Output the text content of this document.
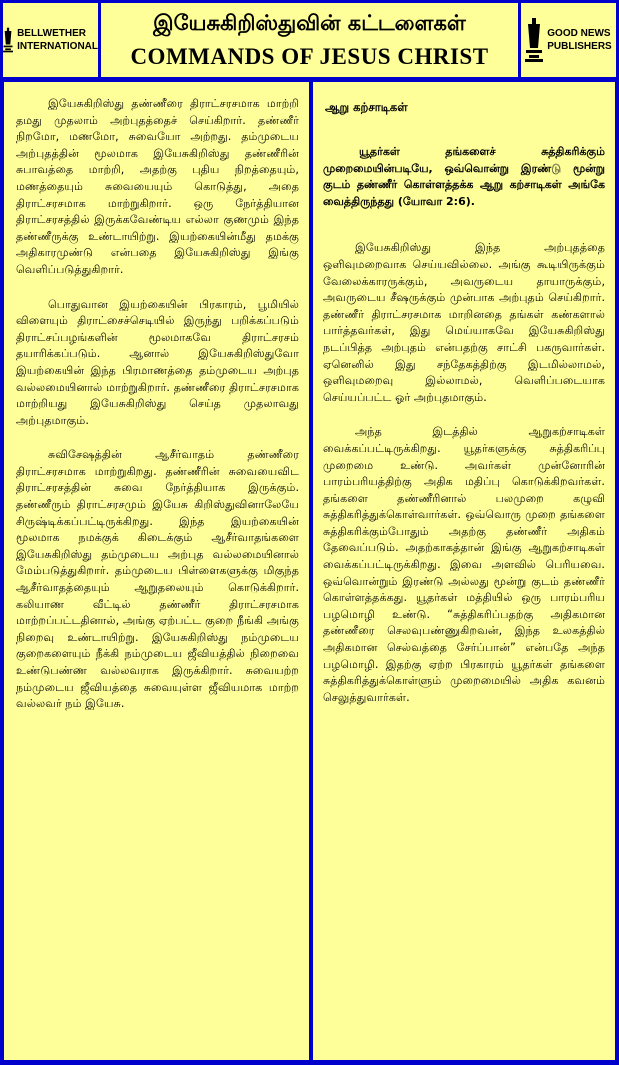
BELLWETHER
INTERNATIONAL
இயேசுகிறிஸ்துவின் கட்டளைகள்
COMMANDS OF JESUS CHRIST
GOOD NEWS
PUBLISHERS

இயேசுகிறிஸ்து தண்ணீரை திராட்சரசமாக மாற்றி தமது முதலாம் அற்புதத்தைச் செய்கிறார். தண்ணீர் நிறமோ, மணமோ, சுவையோ அற்றது. தம்முடைய அற்புதத்தின் மூலமாக இயேசுகிறிஸ்து தண்ணீரின் சுபாவத்தை மாற்றி, அதற்கு புதிய நிறத்தையும், மணத்தையும் சுவையையும் கொடுத்து, அதை திராட்சரசமாக மாற்றுகிறார். ஒரு நேர்த்தியான திராட்சரசத்தில் இருக்கவேண்டிய எல்லா குணமும் இந்த தண்ணீருக்கு உண்டாயிற்று. இயற்கையின்மீது தமக்கு அதிகாரமுண்டு என்பதை இயேசுகிறிஸ்து இங்கு வெளிப்படுத்துகிறார்.

பொதுவான இயற்கையின் பிரகாரம், பூமியில் விளையும் திராட்சைச்செடியில் இருந்து பறிக்கப்படும் திராட்சப்பழங்களின் மூலமாகவே திராட்சரசம் தயாரிக்கப்படும். ஆனால் இயேசுகிறிஸ்துவோ இயற்கையின் இந்த பிரமாணத்தை தம்முடைய அற்புத வல்லமையினால் மாற்றுகிறார். தண்ணீரை திராட்சரசமாக மாற்றியது இயேசுகிறிஸ்து செய்த முதலாவது அற்புதமாகும்.

சுவிசேஷத்தின் ஆசீர்வாதம் தண்ணீரை திராட்சரசமாக மாற்றுகிறது. தண்ணீரின் சுவையைவிட திராட்சரசத்தின் சுவை நேர்த்தியாக இருக்கும். தண்ணீரும் திராட்சரசமும் இயேசு கிறிஸ்துவினாலேயே சிருஷ்டிக்கப்பட்டிருக்கிறது. இந்த இயற்கையின் மூலமாக நமக்குக் கிடைக்கும் ஆசீர்வாதங்களை இயேசுகிறிஸ்து தம்முடைய அற்புத வல்லமையினால் மேம்படுத்துகிறார். தம்முடைய பிள்ளைகளுக்கு மிகுந்த ஆசீர்வாதத்தையும் ஆறுதலையும் கொடுக்கிறார். கலியாண வீட்டில் தண்ணீர் திராட்சரசமாக மாற்றப்பட்டதினால், அங்கு ஏற்பட்ட குறை நீங்கி அங்கு நிறைவு உண்டாயிற்று. இயேசுகிறிஸ்து நம்முடைய குறைகளையும் நீக்கி நம்முடைய ஜீவியத்தில் நிறைவை உண்டுபண்ண வல்லவராக இருக்கிறார். சுவையற்ற நம்முடைய ஜீவியத்தை சுவையுள்ள ஜீவியமாக மாற்ற வல்லவர் நம் இயேசு.

ஆறு கற்சாடிகள்

யூதர்கள் தங்களைச் சுத்திகரிக்கும் முறைமையின்படியே, ஒவ்வொன்று இரண்டு மூன்று குடம் தண்ணீர் கொள்ளத்தக்க ஆறு கற்சாடிகள் அங்கே வைத்திருந்தது (யோவா 2:6).

இயேசுகிறிஸ்து இந்த அற்புதத்தை ஒளிவுமறைவாக செய்யவில்லை. அங்கு கூடியிருக்கும் வேலைக்காரருக்கும், அவருடைய தாயாருக்கும், அவருடைய சீஷருக்கும் முன்பாக அற்புதம் செய்கிறார். தண்ணீர் திராட்சரசமாக மாறினதை தங்கள் கண்களால் பார்த்தவர்கள், இது மெய்யாகவே இயேசுகிறிஸ்து நடப்பித்த அற்புதம் என்பதற்கு சாட்சி பகருவார்கள். ஏனெனில் இது சந்தேகத்திற்கு இடமில்லாமல், ஒளிவுமறைவு இல்லாமல், வெளிப்படையாக செய்யப்பட்ட ஓர் அற்புதமாகும்.

அந்த இடத்தில் ஆறுகற்சாடிகள் வைக்கப்பட்டிருக்கிறது. யூதர்களுக்கு சுத்திகரிப்பு முறைமை உண்டு. அவர்கள் முன்னோரின் பாரம்பரியத்திற்கு அதிக மதிப்பு கொடுக்கிறவர்கள். தங்களை தண்ணீரினால் பலமுறை கழுவி சுத்திகரித்துக்கொள்வார்கள். ஒவ்வொரு முறை தங்களை சுத்திகரிக்கும்போதும் அதற்கு தண்ணீர் அதிகம் தேவைப்படும். அதற்காகத்தான் இங்கு ஆறுகற்சாடிகள் வைக்கப்பட்டிருக்கிறது. இவை அளவில் பெரியவை. ஒவ்வொன்றும் இரண்டு அல்லது மூன்று குடம் தண்ணீர் கொள்ளத்தக்கது. யூதர்கள் மத்தியில் ஒரு பாரம்பரிய பழமொழி உண்டு. “சுத்திகரிப்பதற்கு அதிகமான தண்ணீரை செலவுபண்ணுகிறவன், இந்த உலகத்தில் அதிகமான செல்வத்தை சேர்ப்பான்” என்பதே அந்த பழமொழி. இதற்கு ஏற்ற பிரகாரம் யூதர்கள் தங்களை சுத்திகரித்துக்கொள்ளும் முறைமையில் அதிக கவனம் செலுத்துவார்கள்.
